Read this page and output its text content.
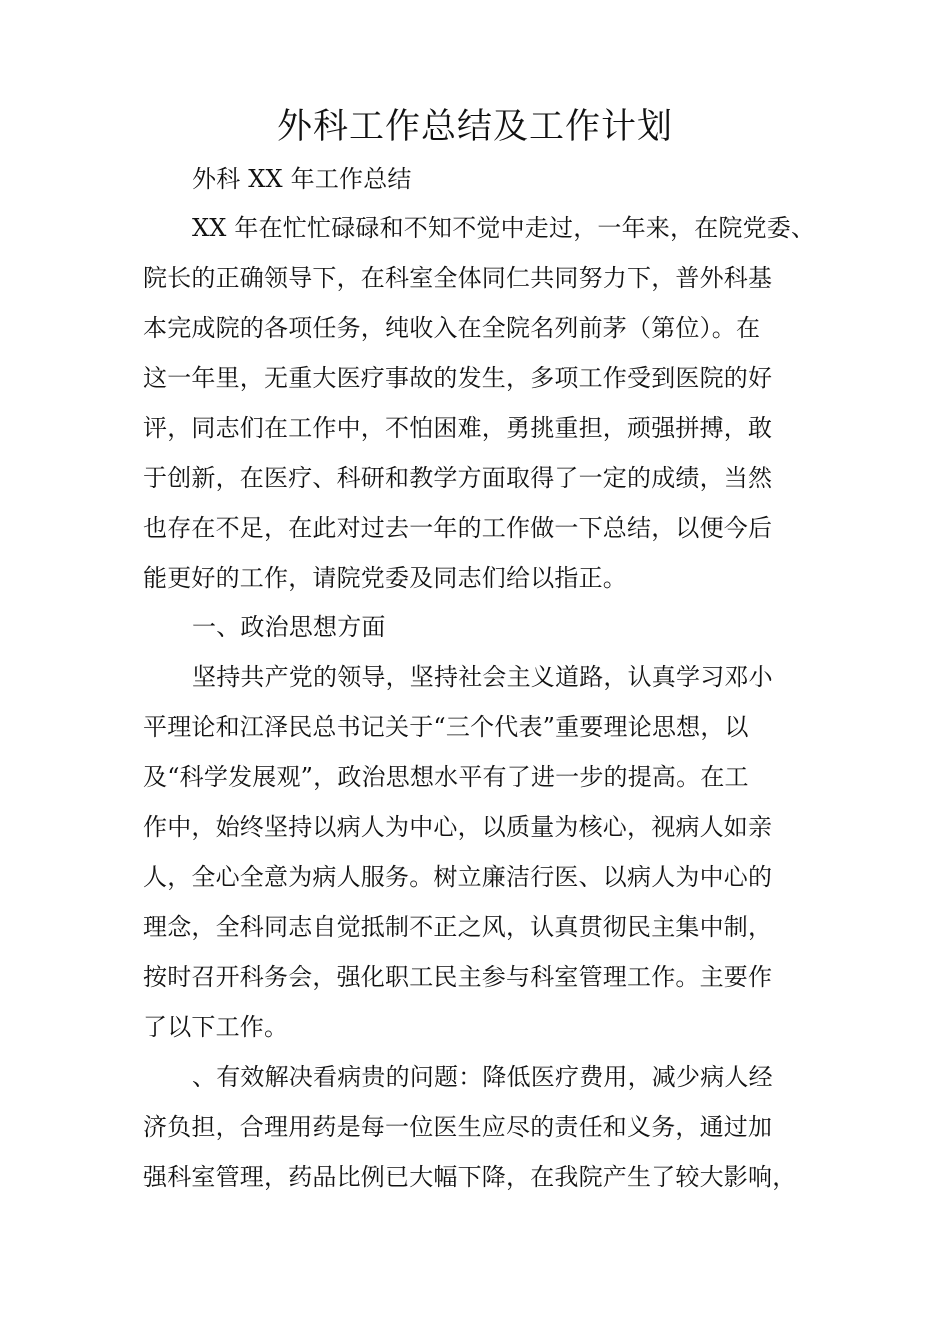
外科工作总结及工作计划
外科 XX 年工作总结
XX 年在忙忙碌碌和不知不觉中走过，一年来，在院党委、
院长的正确领导下，在科室全体同仁共同努力下，普外科基
本完成院的各项任务，纯收入在全院名列前茅（第位）。在
这一年里，无重大医疗事故的发生，多项工作受到医院的好
评，同志们在工作中，不怕困难，勇挑重担，顽强拼搏，敢
于创新，在医疗、科研和教学方面取得了一定的成绩，当然
也存在不足，在此对过去一年的工作做一下总结，以便今后
能更好的工作，请院党委及同志们给以指正。
一、政治思想方面
坚持共产党的领导，坚持社会主义道路，认真学习邓小
平理论和江泽民总书记关于“三个代表”重要理论思想，以
及“科学发展观”，政治思想水平有了进一步的提高。在工
作中，始终坚持以病人为中心，以质量为核心，视病人如亲
人，全心全意为病人服务。树立廉洁行医、以病人为中心的
理念，全科同志自觉抵制不正之风，认真贯彻民主集中制，
按时召开科务会，强化职工民主参与科室管理工作。主要作
了以下工作。
、有效解决看病贵的问题：降低医疗费用，减少病人经
济负担，合理用药是每一位医生应尽的责任和义务，通过加
强科室管理，药品比例已大幅下降，在我院产生了较大影响，
